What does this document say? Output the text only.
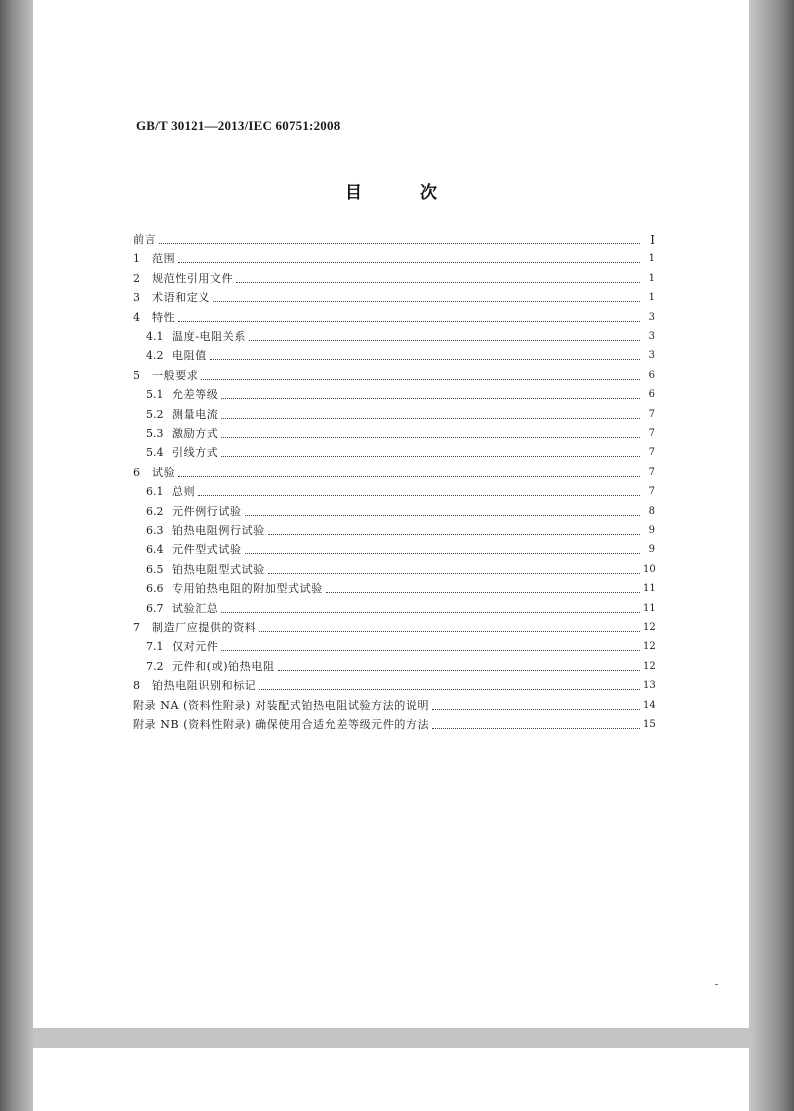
GB/T 30121—2013/IEC 60751:2008
目 次
前言	I
1	范围	1
2	规范性引用文件	1
3	术语和定义	1
4	特性	3
4.1 温度-电阻关系	3
4.2 电阻值	3
5	一般要求	6
5.1 允差等级	6
5.2 测量电流	7
5.3 激励方式	7
5.4 引线方式	7
6	试验	7
6.1 总则	7
6.2 元件例行试验	8
6.3 铂热电阻例行试验	9
6.4 元件型式试验	9
6.5 铂热电阻型式试验	10
6.6 专用铂热电阻的附加型式试验	11
6.7 试验汇总	11
7	制造厂应提供的资料	12
7.1 仅对元件	12
7.2 元件和(或)铂热电阻	12
8	铂热电阻识别和标记	13
附录 NA (资料性附录) 对装配式铂热电阻试验方法的说明	14
附录 NB (资料性附录) 确保使用合适允差等级元件的方法	15
